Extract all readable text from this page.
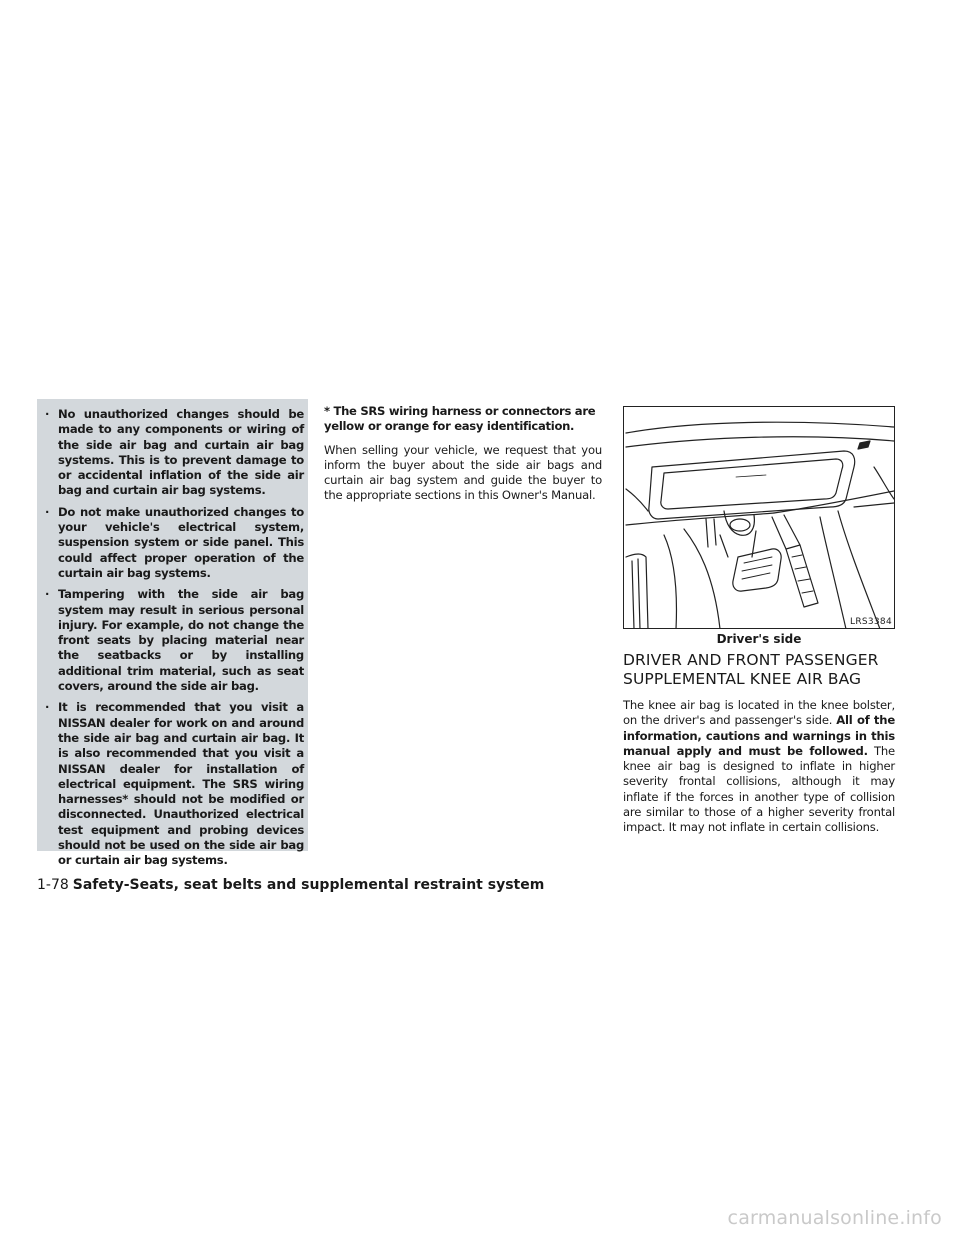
· No unauthorized changes should be made to any components or wiring of the side air bag and curtain air bag systems. This is to prevent damage to or accidental inflation of the side air bag and curtain air bag systems.
· Do not make unauthorized changes to your vehicle's electrical system, suspension system or side panel. This could affect proper operation of the curtain air bag systems.
· Tampering with the side air bag system may result in serious personal injury. For example, do not change the front seats by placing material near the seatbacks or by installing additional trim material, such as seat covers, around the side air bag.
· It is recommended that you visit a NISSAN dealer for work on and around the side air bag and curtain air bag. It is also recommended that you visit a NISSAN dealer for installation of electrical equipment. The SRS wiring harnesses* should not be modified or disconnected. Unauthorized electrical test equipment and probing devices should not be used on the side air bag or curtain air bag systems.

* The SRS wiring harness or connectors are yellow or orange for easy identification.

When selling your vehicle, we request that you inform the buyer about the side air bags and curtain air bag system and guide the buyer to the appropriate sections in this Owner's Manual.

LRS3384
Driver's side
DRIVER AND FRONT PASSENGER
SUPPLEMENTAL KNEE AIR BAG

The knee air bag is located in the knee bolster, on the driver's and passenger's side. All of the information, cautions and warnings in this manual apply and must be followed. The knee air bag is designed to inflate in higher severity frontal collisions, although it may inflate if the forces in another type of collision are similar to those of a higher severity frontal impact. It may not inflate in certain collisions.

1-78 Safety-Seats, seat belts and supplemental restraint system
carmanualsonline.info
